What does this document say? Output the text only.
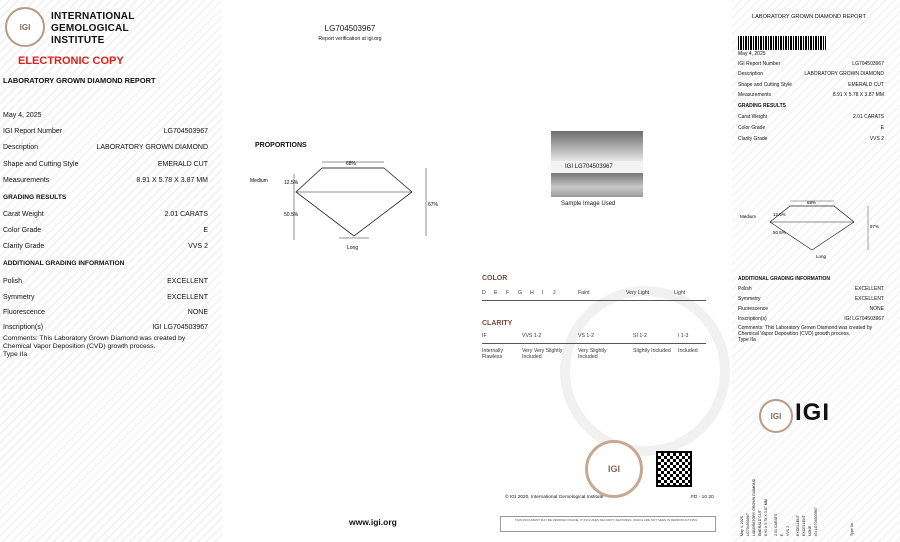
IGI
INTERNATIONAL
GEMOLOGICAL
INSTITUTE
ELECTRONIC COPY
LABORATORY GROWN DIAMOND REPORT
May 4, 2025
IGI Report Number	LG704503967
Description	LABORATORY GROWN DIAMOND
Shape and Cutting Style	EMERALD CUT
Measurements	8.91 X 5.78 X 3.87 MM
GRADING RESULTS
Carat Weight	2.01 CARATS
Color Grade	E
Clarity Grade	VVS 2
ADDITIONAL GRADING INFORMATION
Polish	EXCELLENT
Symmetry	EXCELLENT
Fluorescence	NONE
Inscription(s)	IGI LG704503967
Comments: This Laboratory Grown Diamond was created by Chemical Vapor Deposition (CVD) growth process.
Type IIa
LG704503967
Report verification at igi.org
PROPORTIONS
68%
12.5%
50.5%
67%
Medium
Long
IGI LG704503967
Sample Image Used
COLOR
D E F G H I J	Faint	Very Light	Light
CLARITY
IF	VVS 1-2	VS 1-2	SI 1-2	I 1-3
Internally Flawless
Very Very Slightly Included
Very Slightly Included
Slightly Included	Included
IGI
© IGI 2020, International Gemological Institute	FD - 10 20
www.igi.org	THIS DOCUMENT MAY BE VERIFIED ONLINE. IT INCLUDES SECURITY FEATURES, WHICH ARE NOT SEEN IN REPRODUCTIONS.
LABORATORY GROWN DIAMOND REPORT
May 4, 2025
IGI Report Number	LG704503967
Description	LABORATORY GROWN DIAMOND
Shape and Cutting Style	EMERALD CUT
Measurements	8.91 X 5.78 X 3.87 MM
GRADING RESULTS
Carat Weight	2.01 CARATS
Color Grade	E
Clarity Grade	VVS 2
68%
12.5%
50.5%
67%
Medium
Long
ADDITIONAL GRADING INFORMATION
Polish	EXCELLENT
Symmetry	EXCELLENT
Fluorescence	NONE
Inscription(s)	IGI LG704503967
Comments: This Laboratory Grown Diamond was created by Chemical Vapor Deposition (CVD) growth process.
Type IIa
IGI IGI
May 4, 2025 LG704503967 LABORATORY GROWN DIAMOND EMERALD CUT 8.91 X 5.78 X 3.87 MM 2.01 CARATS E VVS 2 EXCELLENT EXCELLENT NONE IGI LG704503967	Type IIa
